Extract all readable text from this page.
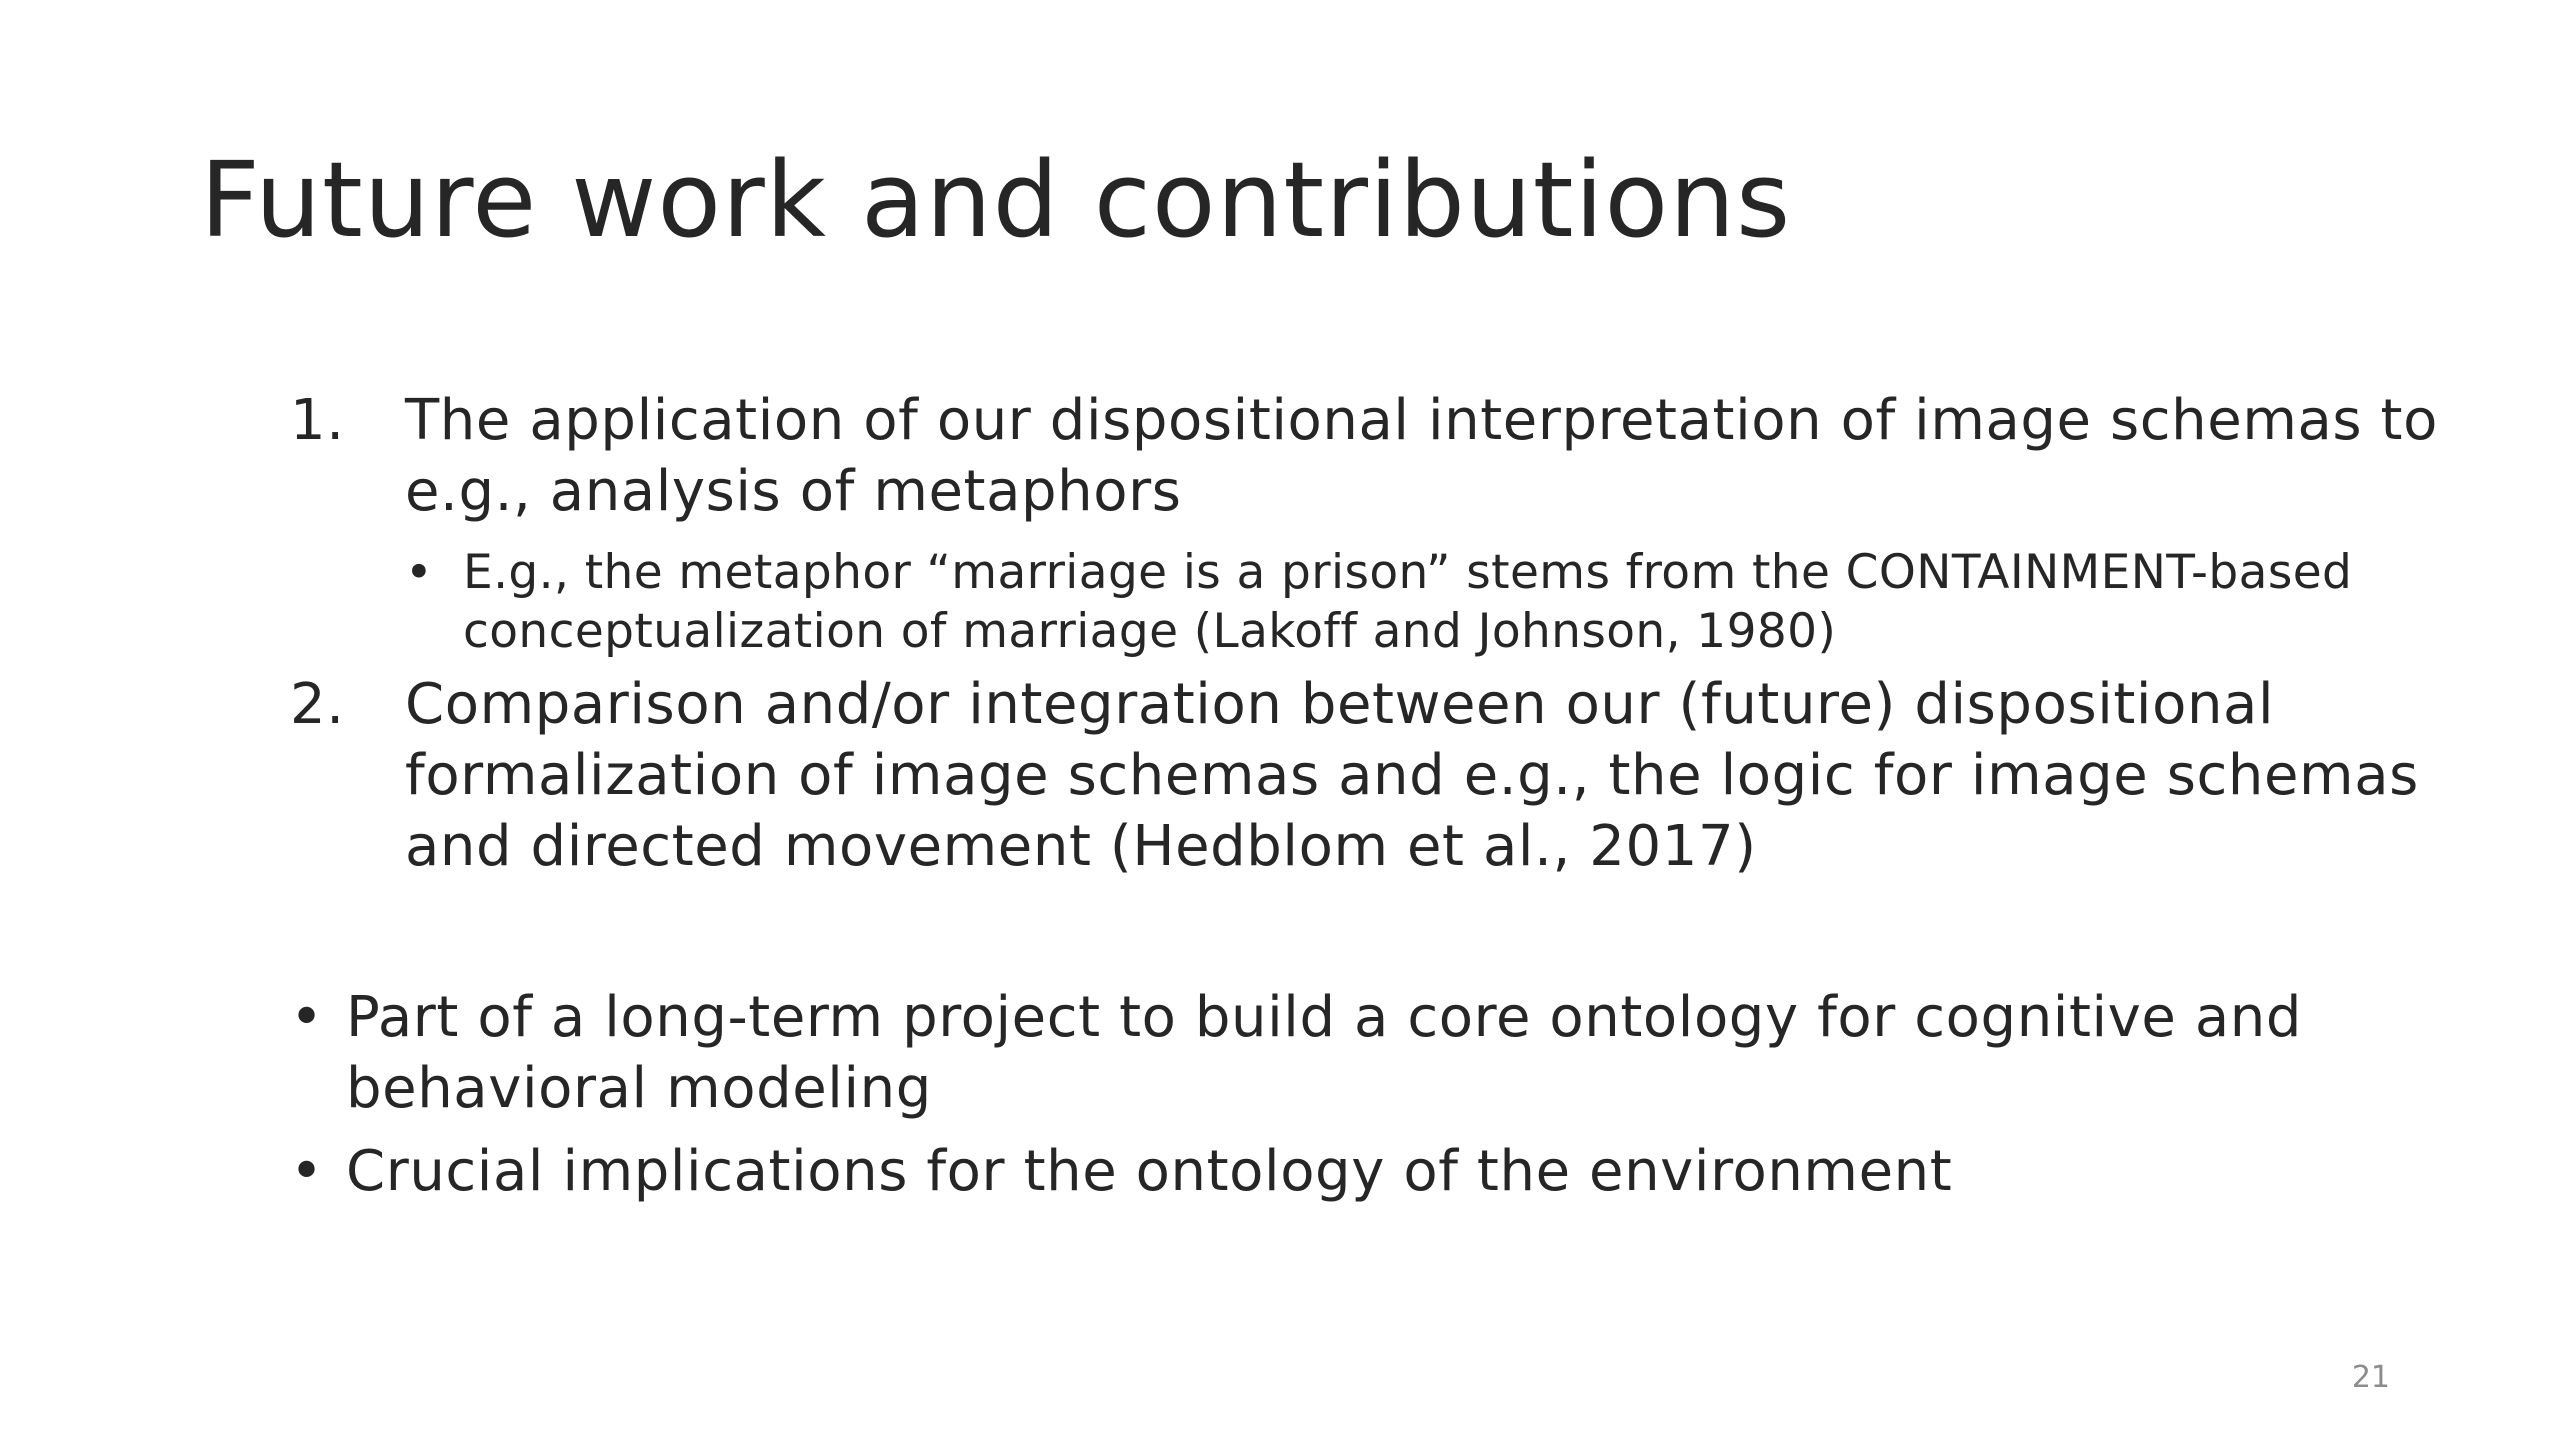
Future work and contributions
1. The application of our dispositional interpretation of image schemas to e.g., analysis of metaphors
• E.g., the metaphor “marriage is a prison” stems from the CONTAINMENT-based conceptualization of marriage (Lakoff and Johnson, 1980)
2. Comparison and/or integration between our (future) dispositional formalization of image schemas and e.g., the logic for image schemas and directed movement (Hedblom et al., 2017)
• Part of a long-term project to build a core ontology for cognitive and behavioral modeling
• Crucial implications for the ontology of the environment
21
